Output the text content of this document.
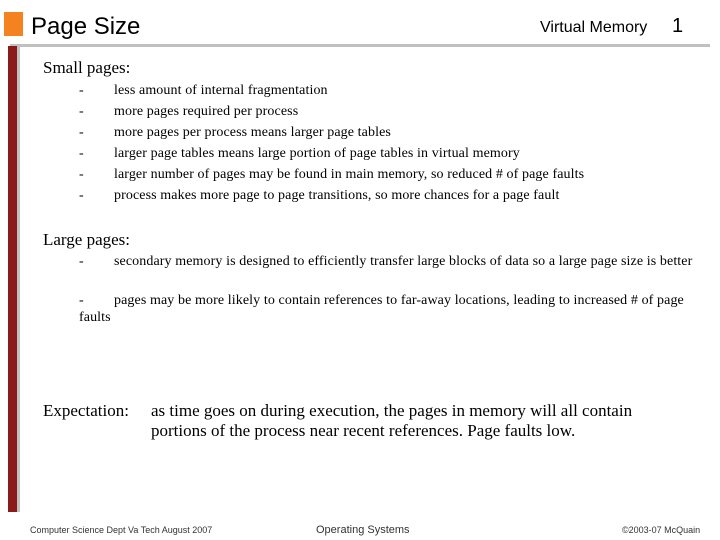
Page Size	Virtual Memory 1
Small pages:
- less amount of internal fragmentation
- more pages required per process
- more pages per process means larger page tables
- larger page tables means large portion of page tables in virtual memory
- larger number of pages may be found in main memory, so reduced # of page faults
- process makes more page to page transitions, so more chances for a page fault
Large pages:
- secondary memory is designed to efficiently transfer large blocks of data so a large page size is better
- pages may be more likely to contain references to far-away locations, leading to increased # of page faults
Expectation: as time goes on during execution, the pages in memory will all contain portions of the process near recent references. Page faults low.
Computer Science Dept Va Tech August 2007	Operating Systems	©2003-07 McQuain
